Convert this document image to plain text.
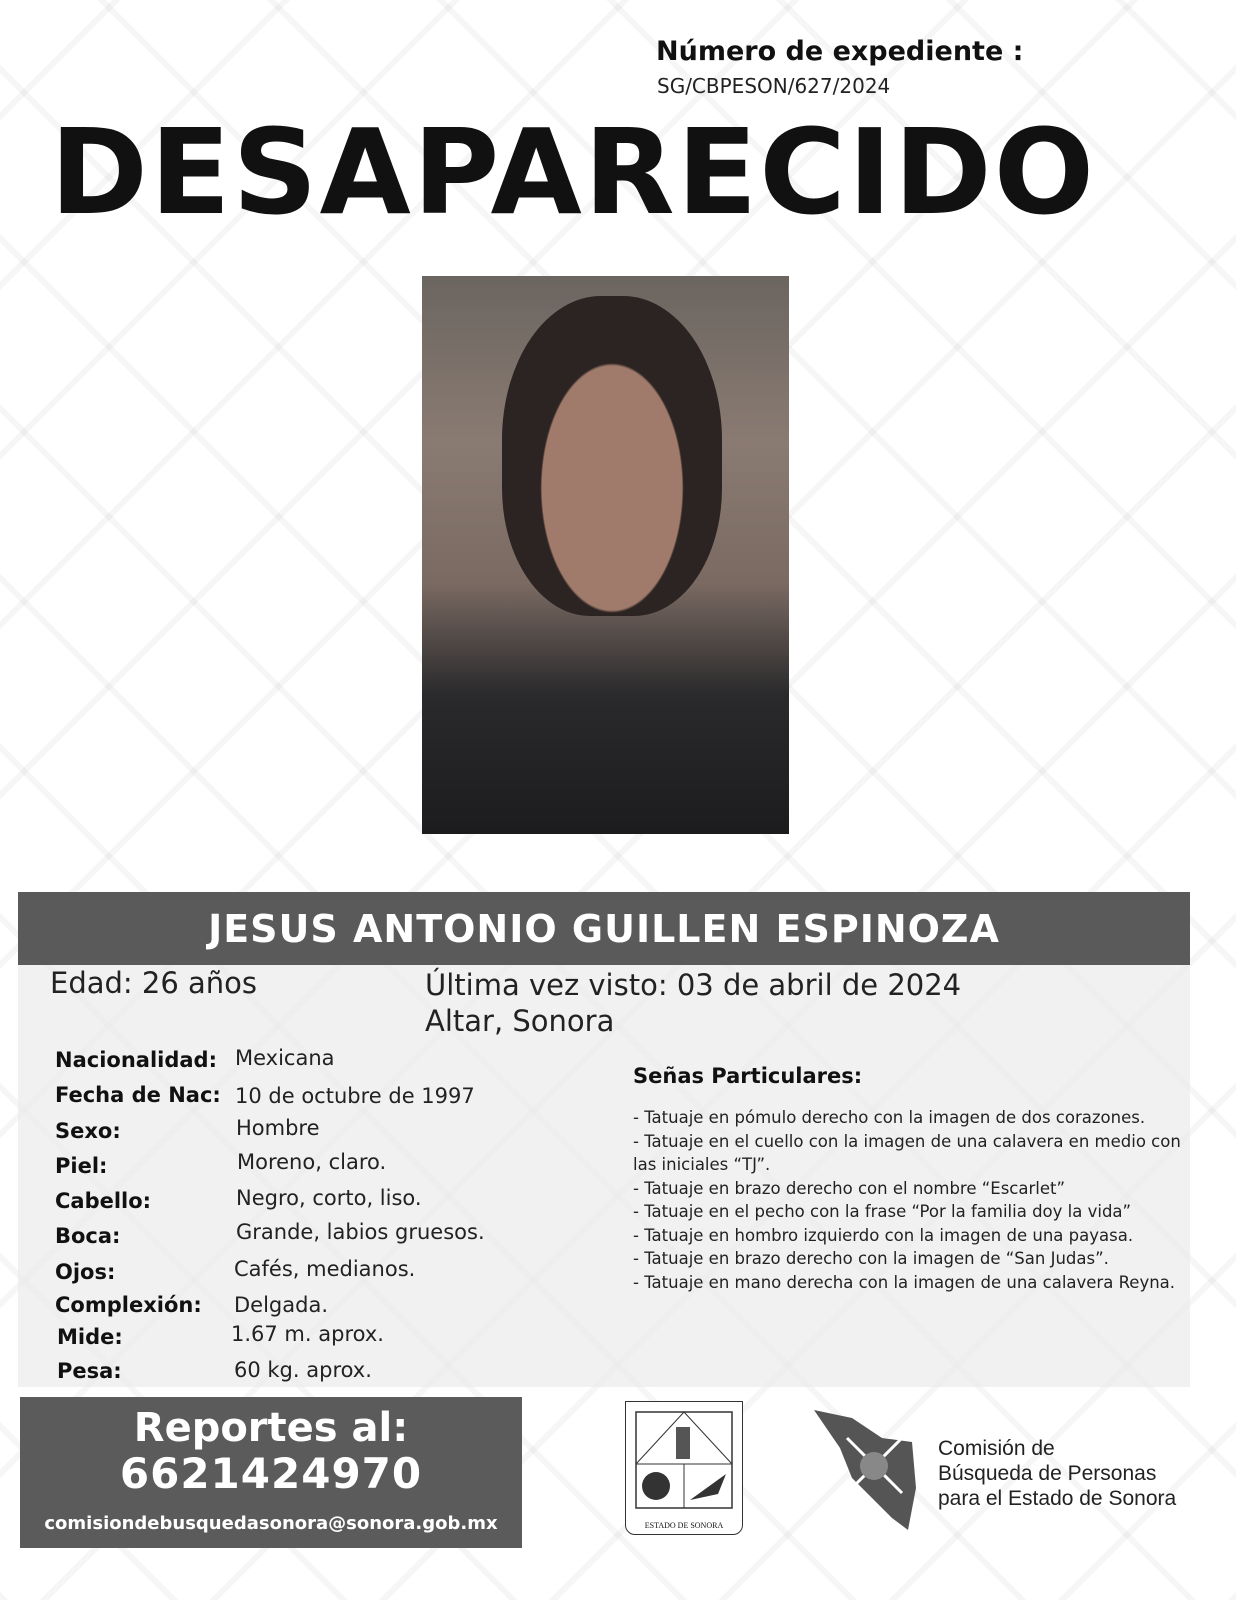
Número de expediente :
SG/CBPESON/627/2024
DESAPARECIDO
JESUS ANTONIO GUILLEN ESPINOZA
Edad: 26 años	Última vez visto: 03 de abril de 2024
Altar, Sonora
Nacionalidad: Mexicana
Fecha de Nac: 10 de octubre de 1997
Sexo:	Hombre
Piel:	Moreno, claro.
Cabello:	Negro, corto, liso.
Boca:	Grande, labios gruesos.
Ojos:	Cafés, medianos.
Complexión: Delgada.
Mide:	1.67 m. aprox.
Pesa:	60 kg. aprox.
Señas Particulares:
- Tatuaje en pómulo derecho con la imagen de dos corazones.
- Tatuaje en el cuello con la imagen de una calavera en medio con las iniciales “TJ”.
- Tatuaje en brazo derecho con el nombre “Escarlet”
- Tatuaje en el pecho con la frase “Por la familia doy la vida”
- Tatuaje en hombro izquierdo con la imagen de una payasa.
- Tatuaje en brazo derecho con la imagen de “San Judas”.
- Tatuaje en mano derecha con la imagen de una calavera Reyna.
Reportes al:
6621424970
comisiondebusquedasonora@sonora.gob.mx	ESTADO DE SONORA
Comisión de
Búsqueda de Personas
para el Estado de Sonora
